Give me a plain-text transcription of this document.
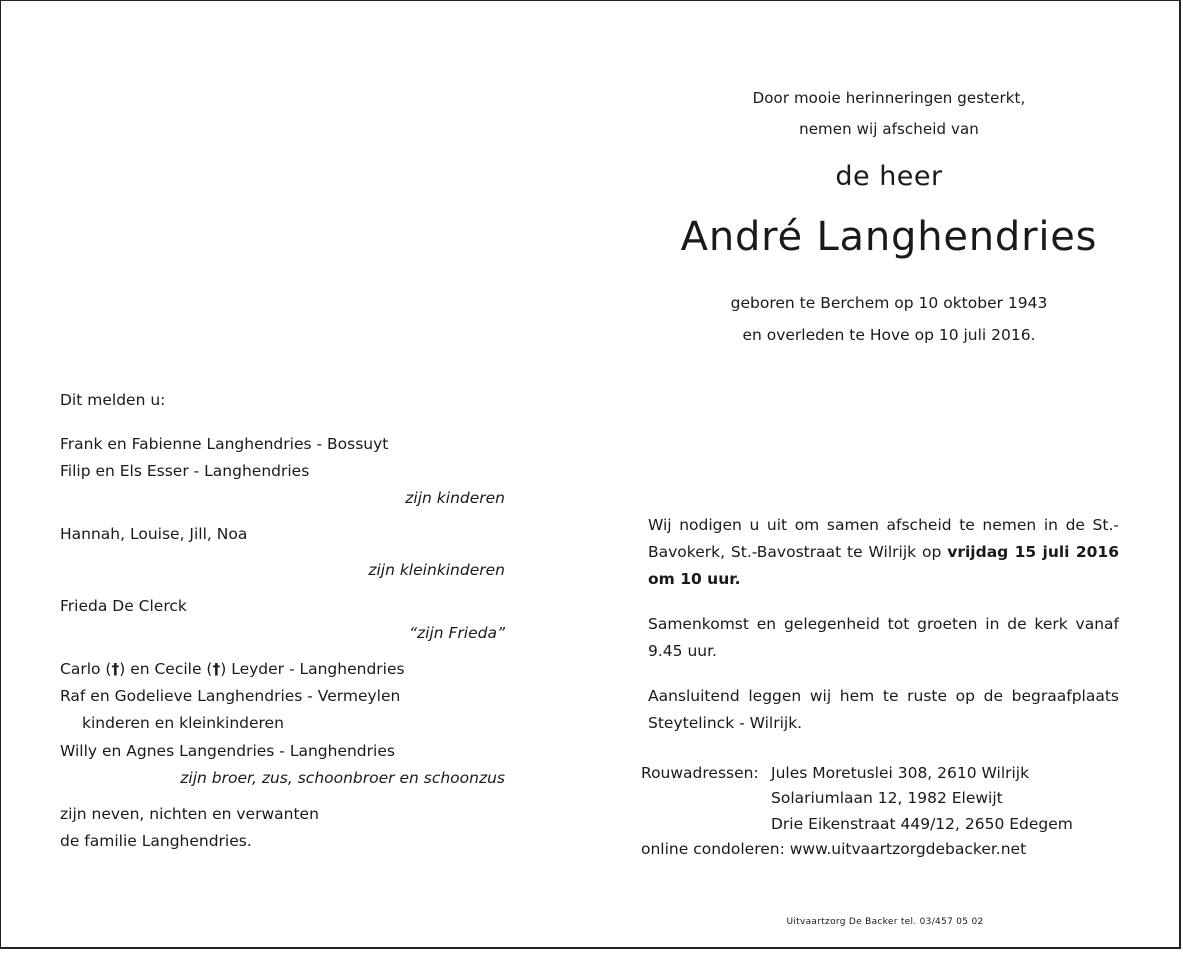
Door mooie herinneringen gesterkt,
nemen wij afscheid van
de heer
André Langhendries
geboren te Berchem op 10 oktober 1943
en overleden te Hove op 10 juli 2016.
Dit melden u:
Frank en Fabienne Langhendries - Bossuyt
Filip en Els Esser - Langhendries
zijn kinderen
Hannah, Louise, Jill, Noa
zijn kleinkinderen
Frieda De Clerck
“zijn Frieda”
Carlo (†) en Cecile (†) Leyder - Langhendries
Raf en Godelieve Langhendries - Vermeylen
kinderen en kleinkinderen
Willy en Agnes Langendries - Langhendries
zijn broer, zus, schoonbroer en schoonzus
zijn neven, nichten en verwanten
de familie Langhendries.
Wij nodigen u uit om samen afscheid te nemen in de St.-Bavokerk, St.-Bavostraat te Wilrijk op vrijdag 15 juli 2016 om 10 uur.
Samenkomst en gelegenheid tot groeten in de kerk vanaf 9.45 uur.
Aansluitend leggen wij hem te ruste op de begraafplaats Steytelinck - Wilrijk.
Rouwadressen: Jules Moretuslei 308, 2610 Wilrijk
Solariumlaan 12, 1982 Elewijt
Drie Eikenstraat 449/12, 2650 Edegem
online condoleren: www.uitvaartzorgdebacker.net
Uitvaartzorg De Backer tel. 03/457 05 02
